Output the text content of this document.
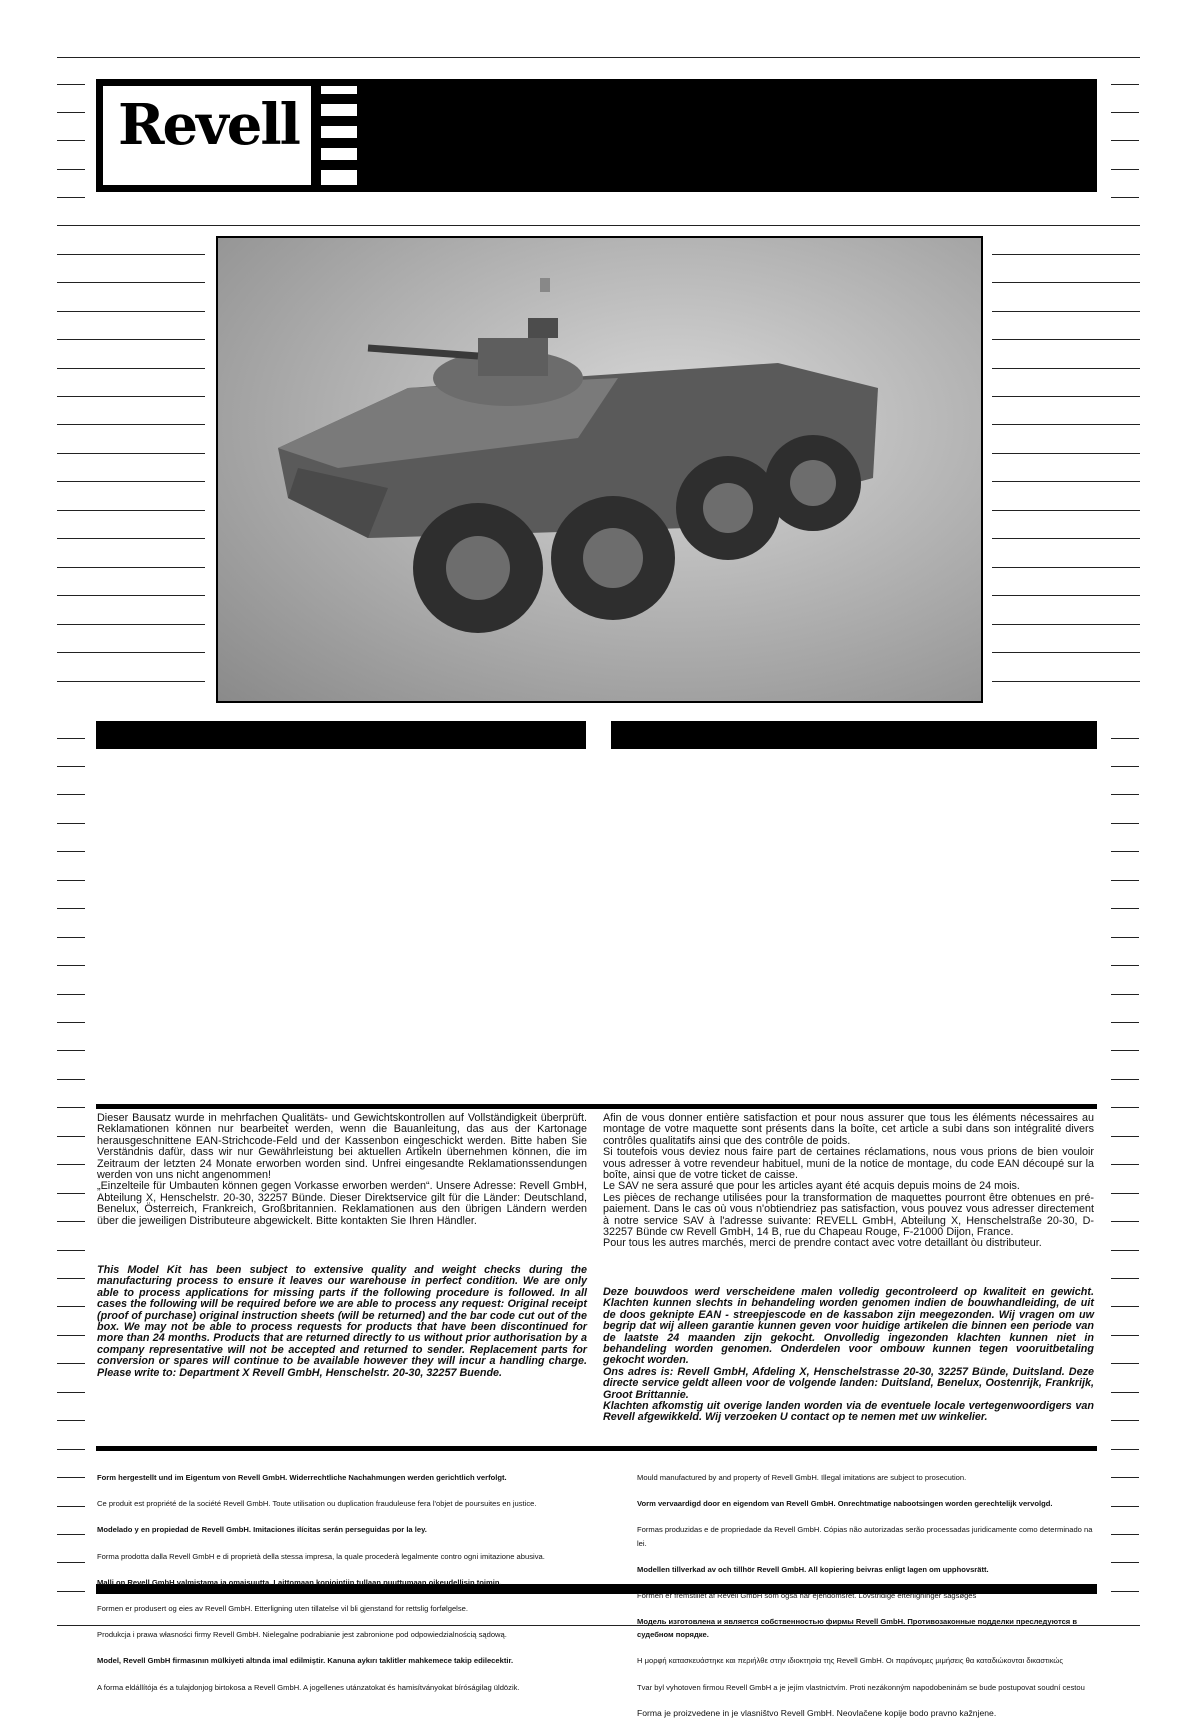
Revell
Dieser Bausatz wurde in mehrfachen Qualitäts- und Gewichtskontrollen auf Vollständigkeit überprüft. Reklamationen können nur bearbeitet werden, wenn die Bauanleitung, das aus der Kartonage herausgeschnittene EAN-Strichcode-Feld und der Kassenbon eingeschickt werden. Bitte haben Sie Verständnis dafür, dass wir nur Gewährleistung bei aktuellen Artikeln übernehmen können, die im Zeitraum der letzten 24 Monate erworben worden sind. Unfrei eingesandte Reklamationssendungen werden von uns nicht angenommen!
„Einzelteile für Umbauten können gegen Vorkasse erworben werden“. Unsere Adresse: Revell GmbH, Abteilung X, Henschelstr. 20-30, 32257 Bünde. Dieser Direktservice gilt für die Länder: Deutschland, Benelux, Österreich, Frankreich, Großbritannien. Reklamationen aus den übrigen Ländern werden über die jeweiligen Distributeure abgewickelt. Bitte kontakten Sie Ihren Händler.
This Model Kit has been subject to extensive quality and weight checks during the manufacturing process to ensure it leaves our warehouse in perfect condition. We are only able to process applications for missing parts if the following procedure is followed. In all cases the following will be required before we are able to process any request: Original receipt (proof of purchase) original instruction sheets (will be returned) and the bar code cut out of the box. We may not be able to process requests for products that have been discontinued for more than 24 months. Products that are returned directly to us without prior authorisation by a company representative will not be accepted and returned to sender. Replacement parts for conversion or spares will continue to be available however they will incur a handling charge. Please write to: Department X Revell GmbH, Henschelstr. 20-30, 32257 Buende.
Afin de vous donner entière satisfaction et pour nous assurer que tous les éléments nécessaires au montage de votre maquette sont présents dans la boîte, cet article a subi dans son intégralité divers contrôles qualitatifs ainsi que des contrôle de poids.
Si toutefois vous deviez nous faire part de certaines réclamations, nous vous prions de bien vouloir vous adresser à votre revendeur habituel, muni de la notice de montage, du code EAN découpé sur la boîte, ainsi que de votre ticket de caisse.
Le SAV ne sera assuré que pour les articles ayant été acquis depuis moins de 24 mois.
Les pièces de rechange utilisées pour la transformation de maquettes pourront être obtenues en pré-paiement. Dans le cas où vous n'obtiendriez pas satisfaction, vous pouvez vous adresser directement à notre service SAV à l'adresse suivante: REVELL GmbH, Abteilung X, Henschelstraße 20-30, D-32257 Bünde cw Revell GmbH, 14 B, rue du Chapeau Rouge, F-21000 Dijon, France.
Pour tous les autres marchés, merci de prendre contact avec votre detaillant òu distributeur.
Deze bouwdoos werd verscheidene malen volledig gecontroleerd op kwaliteit en gewicht. Klachten kunnen slechts in behandeling worden genomen indien de bouwhandleiding, de uit de doos geknipte EAN - streepjescode en de kassabon zijn meegezonden. Wij vragen om uw begrip dat wij alleen garantie kunnen geven voor huidige artikelen die binnen een periode van de laatste 24 maanden zijn gekocht. Onvolledig ingezonden klachten kunnen niet in behandeling worden genomen. Onderdelen voor ombouw kunnen tegen vooruitbetaling gekocht worden.
Ons adres is: Revell GmbH, Afdeling X, Henschelstrasse 20-30, 32257 Bünde, Duitsland. Deze directe service geldt alleen voor de volgende landen: Duitsland, Benelux, Oostenrijk, Frankrijk, Groot Brittannie.
Klachten afkomstig uit overige landen worden via de eventuele locale vertegenwoordigers van Revell afgewikkeld. Wij verzoeken U contact op te nemen met uw winkelier.

Form hergestellt und im Eigentum von Revell GmbH. Widerrechtliche Nachahmungen werden gerichtlich verfolgt.

Ce produit est propriété de la société Revell GmbH. Toute utilisation ou duplication frauduleuse fera l'objet de poursuites en justice.

Modelado y en propiedad de Revell GmbH. Imitaciones ilícitas serán perseguidas por la ley.

Forma prodotta dalla Revell GmbH e di proprietà della stessa impresa, la quale procederà legalmente contro ogni imitazione abusiva.

Malli on Revell GmbH valmistama ja omaisuutta. Laittomaan kopiointiin tullaan puuttumaan oikeudellisin toimin.

Formen er produsert og eies av Revell GmbH. Etterligning uten tillatelse vil bli gjenstand for rettslig forfølgelse.

Produkcja i prawa własności firmy Revell GmbH. Nielegalne podrabianie jest zabronione pod odpowiedzialnością sądową.

Model, Revell GmbH firmasının mülkiyeti altında imal edilmiştir. Kanuna aykırı taklitler mahkemece takip edilecektir.

A forma eldállítója és a tulajdonjog birtokosa a Revell GmbH. A jogellenes utánzatokat és hamisítványokat bíróságilag üldözik.

Mould manufactured by and property of Revell GmbH. Illegal imitations are subject to prosecution.

Vorm vervaardigd door en eigendom van Revell GmbH. Onrechtmatige nabootsingen worden gerechtelijk vervolgd.

Formas produzidas e de propriedade da Revell GmbH. Cópias não autorizadas serão processadas juridicamente como determinado na lei.

Modellen tillverkad av och tillhör Revell GmbH. All kopiering beivras enligt lagen om upphovsrätt.

Formen er fremstillet af Revell GmbH som også har ejendomsret. Lovstridige efterligninger sagsøges

Модель изготовлена и является собственностью фирмы Revell GmbH. Противозаконные подделки преследуются в судебном порядке.

Η μορφή κατασκευάστηκε και περιήλθε στην ιδιοκτησία της Revell GmbH. Οι παράνομες μιμήσεις θα καταδιώκονται δικαστικώς

Tvar byl vyhotoven firmou Revell GmbH a je jejím vlastnictvím. Proti nezákonným napodobeninám se bude postupovat soudní cestou

Forma je proizvedene in je vlasništvo Revell GmbH. Neovlačene kopije bodo pravno kažnjene.
